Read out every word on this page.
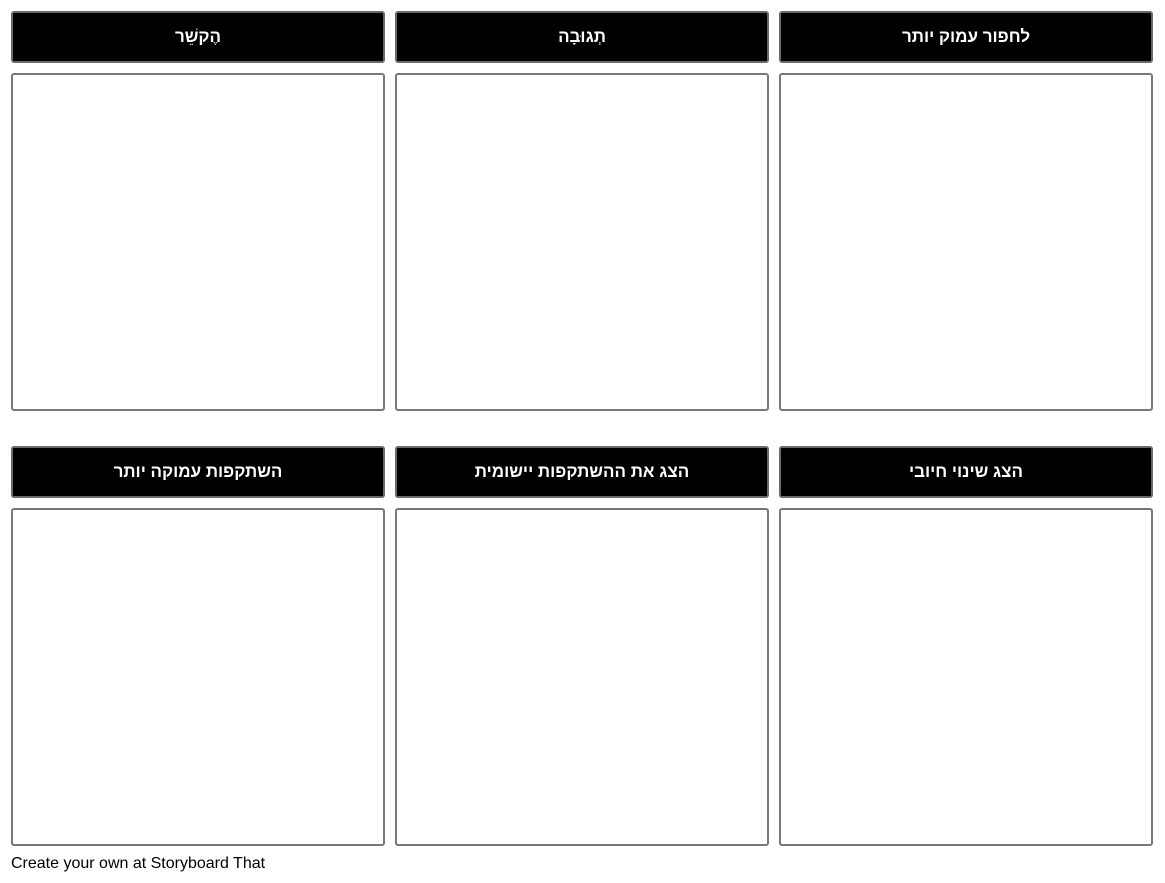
הֶקשֵׁר	תְגוּבָה	לחפור עמוק יותר
השתקפות עמוקה יותר	הצג את ההשתקפות יישומית	הצג שינוי חיובי
Create your own at Storyboard That
